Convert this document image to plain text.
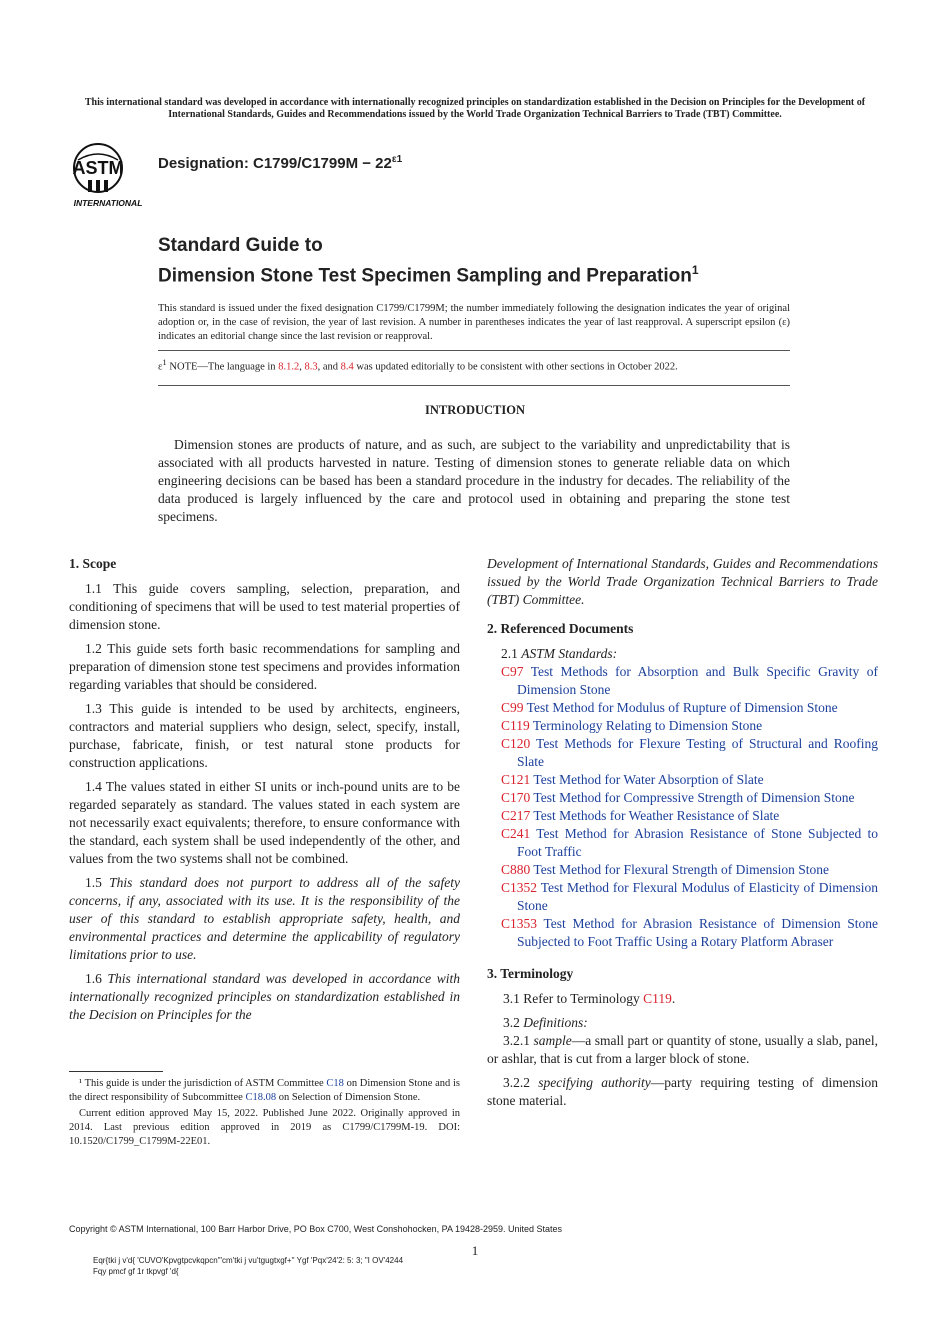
This international standard was developed in accordance with internationally recognized principles on standardization established in the Decision on Principles for the Development of International Standards, Guides and Recommendations issued by the World Trade Organization Technical Barriers to Trade (TBT) Committee.
ASTM
INTERNATIONAL
Designation: $C1799/C1799M - 22^{\varepsilon 1}$
Standard Guide to
Dimension Stone Test Specimen Sampling and Preparation$^1$
This standard is issued under the fixed designation C1799/C1799M; the number immediately following the designation indicates the year of original adoption or, in the case of revision, the year of last revision. A number in parentheses indicates the year of last reapproval. A superscript epsilon (ε) indicates an editorial change since the last revision or reapproval.
$\varepsilon^1$ NOTE—The language in 8.1.2, 8.3, and 8.4 was updated editorially to be consistent with other sections in October 2022.
INTRODUCTION
Dimension stones are products of nature, and as such, are subject to the variability and unpredictability that is associated with all products harvested in nature. Testing of dimension stones to generate reliable data on which engineering decisions can be based has been a standard procedure in the industry for decades. The reliability of the data produced is largely influenced by the care and protocol used in obtaining and preparing the stone test specimens.
1. Scope

1.1 This guide covers sampling, selection, preparation, and conditioning of specimens that will be used to test material properties of dimension stone.

1.2 This guide sets forth basic recommendations for sampling and preparation of dimension stone test specimens and provides information regarding variables that should be considered.

1.3 This guide is intended to be used by architects, engineers, contractors and material suppliers who design, select, specify, install, purchase, fabricate, finish, or test natural stone products for construction applications.

1.4 The values stated in either SI units or inch-pound units are to be regarded separately as standard. The values stated in each system are not necessarily exact equivalents; therefore, to ensure conformance with the standard, each system shall be used independently of the other, and values from the two systems shall not be combined.

1.5 This standard does not purport to address all of the safety concerns, if any, associated with its use. It is the responsibility of the user of this standard to establish appropriate safety, health, and environmental practices and determine the applicability of regulatory limitations prior to use.

1.6 This international standard was developed in accordance with internationally recognized principles on standardization established in the Decision on Principles for the

¹ This guide is under the jurisdiction of ASTM Committee C18 on Dimension Stone and is the direct responsibility of Subcommittee C18.08 on Selection of Dimension Stone.

Current edition approved May 15, 2022. Published June 2022. Originally approved in 2014. Last previous edition approved in 2019 as C1799/C1799M-19. DOI: 10.1520/C1799_C1799M-22E01.

Development of International Standards, Guides and Recommendations issued by the World Trade Organization Technical Barriers to Trade (TBT) Committee.

2. Referenced Documents

2.1 ASTM Standards:

C97 Test Methods for Absorption and Bulk Specific Gravity of Dimension Stone

C99 Test Method for Modulus of Rupture of Dimension Stone

C119 Terminology Relating to Dimension Stone

C120 Test Methods for Flexure Testing of Structural and Roofing Slate

C121 Test Method for Water Absorption of Slate

C170 Test Method for Compressive Strength of Dimension Stone

C217 Test Methods for Weather Resistance of Slate

C241 Test Method for Abrasion Resistance of Stone Subjected to Foot Traffic

C880 Test Method for Flexural Strength of Dimension Stone

C1352 Test Method for Flexural Modulus of Elasticity of Dimension Stone

C1353 Test Method for Abrasion Resistance of Dimension Stone Subjected to Foot Traffic Using a Rotary Platform Abraser

3. Terminology

3.1 Refer to Terminology C119.

3.2 Definitions:

3.2.1 sample—a small part or quantity of stone, usually a slab, panel, or ashlar, that is cut from a larger block of stone.

3.2.2 specifying authority—party requiring testing of dimension stone material.

Copyright © ASTM International, 100 Barr Harbor Drive, PO Box C700, West Conshohocken, PA 19428-2959. United States
1
Eqr{tki j v'd{ 'CUVO'Kpvgtpcvkqpcn'"cm'tki j vu'tgugtxgf+'' Ygf 'Pqx'24'2: 5: 3; "I OV'4244
Fqy pmcf gf 1r tkpvgf 'd{
